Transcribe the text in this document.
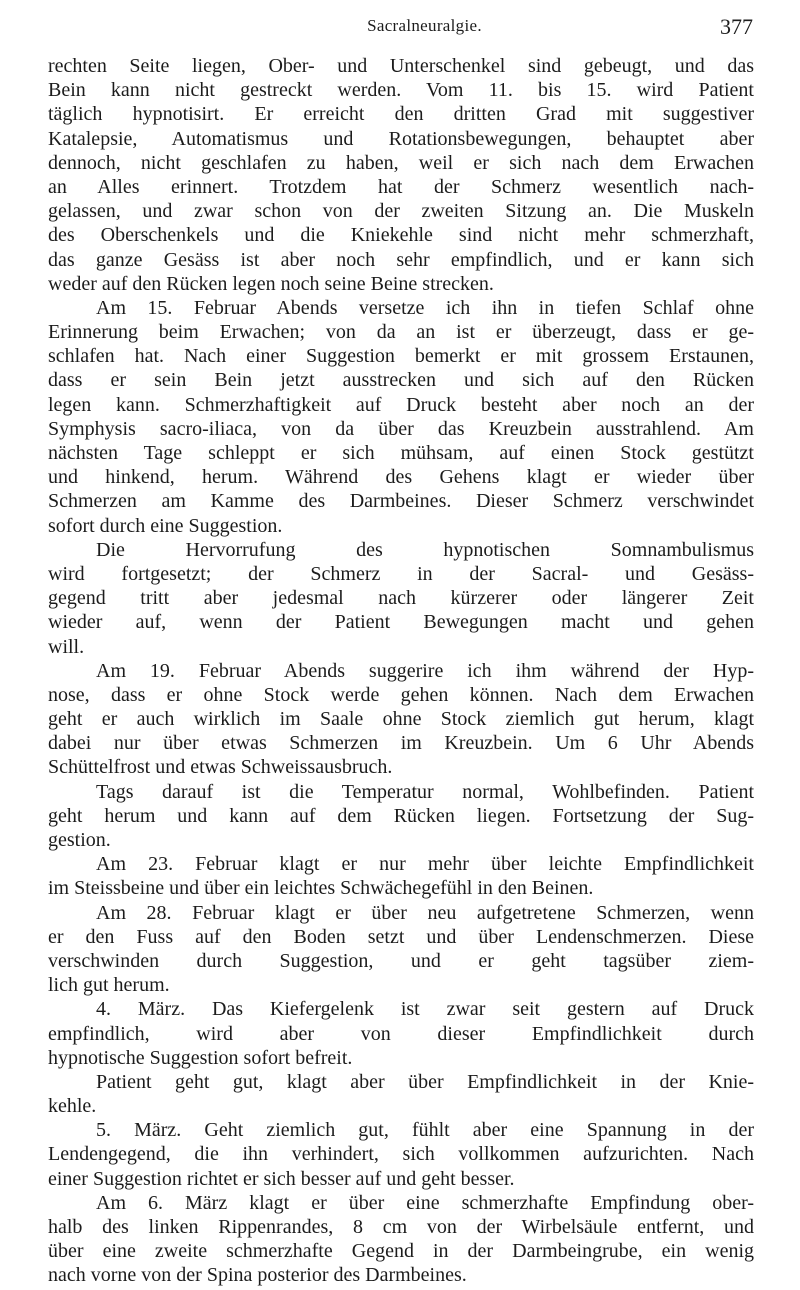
Sacralneuralgie.	377
rechten Seite liegen, Ober- und Unterschenkel sind gebeugt, und das
Bein kann nicht gestreckt werden. Vom 11. bis 15. wird Patient
täglich hypnotisirt. Er erreicht den dritten Grad mit suggestiver
Katalepsie, Automatismus und Rotationsbewegungen, behauptet aber
dennoch, nicht geschlafen zu haben, weil er sich nach dem Erwachen
an Alles erinnert. Trotzdem hat der Schmerz wesentlich nach-
gelassen, und zwar schon von der zweiten Sitzung an. Die Muskeln
des Oberschenkels und die Kniekehle sind nicht mehr schmerzhaft,
das ganze Gesäss ist aber noch sehr empfindlich, und er kann sich
weder auf den Rücken legen noch seine Beine strecken.
Am 15. Februar Abends versetze ich ihn in tiefen Schlaf ohne
Erinnerung beim Erwachen; von da an ist er überzeugt, dass er ge-
schlafen hat. Nach einer Suggestion bemerkt er mit grossem Erstaunen,
dass er sein Bein jetzt ausstrecken und sich auf den Rücken
legen kann. Schmerzhaftigkeit auf Druck besteht aber noch an der
Symphysis sacro-iliaca, von da über das Kreuzbein ausstrahlend. Am
nächsten Tage schleppt er sich mühsam, auf einen Stock gestützt
und hinkend, herum. Während des Gehens klagt er wieder über
Schmerzen am Kamme des Darmbeines. Dieser Schmerz verschwindet
sofort durch eine Suggestion.
Die Hervorrufung des hypnotischen Somnambulismus
wird fortgesetzt; der Schmerz in der Sacral- und Gesäss-
gegend tritt aber jedesmal nach kürzerer oder längerer Zeit
wieder auf, wenn der Patient Bewegungen macht und gehen
will.
Am 19. Februar Abends suggerire ich ihm während der Hyp-
nose, dass er ohne Stock werde gehen können. Nach dem Erwachen
geht er auch wirklich im Saale ohne Stock ziemlich gut herum, klagt
dabei nur über etwas Schmerzen im Kreuzbein. Um 6 Uhr Abends
Schüttelfrost und etwas Schweissausbruch.
Tags darauf ist die Temperatur normal, Wohlbefinden. Patient
geht herum und kann auf dem Rücken liegen. Fortsetzung der Sug-
gestion.
Am 23. Februar klagt er nur mehr über leichte Empfindlichkeit
im Steissbeine und über ein leichtes Schwächegefühl in den Beinen.
Am 28. Februar klagt er über neu aufgetretene Schmerzen, wenn
er den Fuss auf den Boden setzt und über Lendenschmerzen. Diese
verschwinden durch Suggestion, und er geht tagsüber ziem-
lich gut herum.
4. März. Das Kiefergelenk ist zwar seit gestern auf Druck
empfindlich, wird aber von dieser Empfindlichkeit durch
hypnotische Suggestion sofort befreit.
Patient geht gut, klagt aber über Empfindlichkeit in der Knie-
kehle.
5. März. Geht ziemlich gut, fühlt aber eine Spannung in der
Lendengegend, die ihn verhindert, sich vollkommen aufzurichten. Nach
einer Suggestion richtet er sich besser auf und geht besser.
Am 6. März klagt er über eine schmerzhafte Empfindung ober-
halb des linken Rippenrandes, 8 cm von der Wirbelsäule entfernt, und
über eine zweite schmerzhafte Gegend in der Darmbeingrube, ein wenig
nach vorne von der Spina posterior des Darmbeines.
